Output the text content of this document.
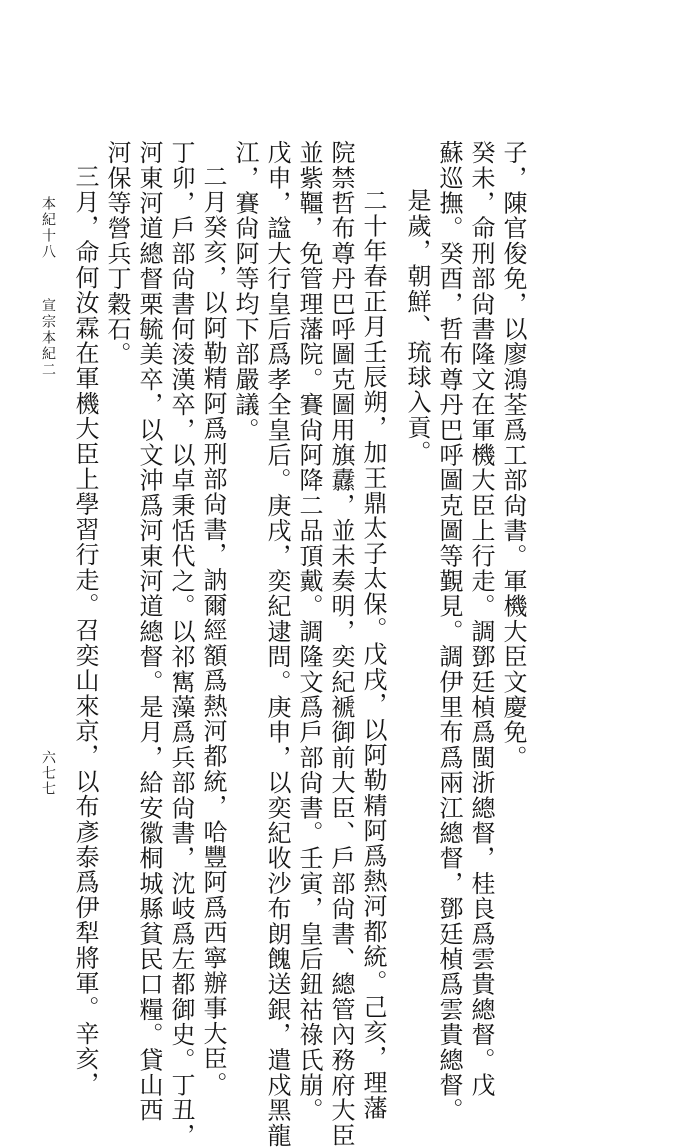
子，陳官俊免，以廖鴻荃爲工部尙書。軍機大臣文慶免。
癸未，命刑部尙書隆文在軍機大臣上行走。調鄧廷楨爲閩浙總督，桂良爲雲貴總督。戊
蘇巡撫。癸酉，哲布尊丹巴呼圖克圖等覲見。調伊里布爲兩江總督，鄧廷楨爲雲貴總督。
是歲，朝鮮、琉球入貢。
二十年春正月壬辰朔，加王鼎太子太保。戊戌，以阿勒精阿爲熱河都統。己亥，理藩
院禁哲布尊丹巴呼圖克圖用旗纛，並未奏明，奕紀褫御前大臣、戶部尙書、總管內務府大臣
並紫韁，免管理藩院。賽尙阿降二品頂戴。調隆文爲戶部尙書。壬寅，皇后鈕祜祿氏崩。
戊申，諡大行皇后爲孝全皇后。庚戌，奕紀逮問。庚申，以奕紀收沙布朗餽送銀，遣戍黑龍
江，賽尙阿等均下部嚴議。
二月癸亥，以阿勒精阿爲刑部尙書，訥爾經額爲熱河都統，哈豐阿爲西寧辦事大臣。
丁卯，戶部尙書何淩漢卒，以卓秉恬代之。以祁寯藻爲兵部尙書，沈岐爲左都御史。丁丑，
河東河道總督栗毓美卒，以文沖爲河東河道總督。是月，給安徽桐城縣貧民口糧。貸山西
河保等營兵丁穀石。
三月，命何汝霖在軍機大臣上學習行走。召奕山來京，以布彥泰爲伊犁將軍。辛亥，
本紀十八
宣宗本紀二
六七七
